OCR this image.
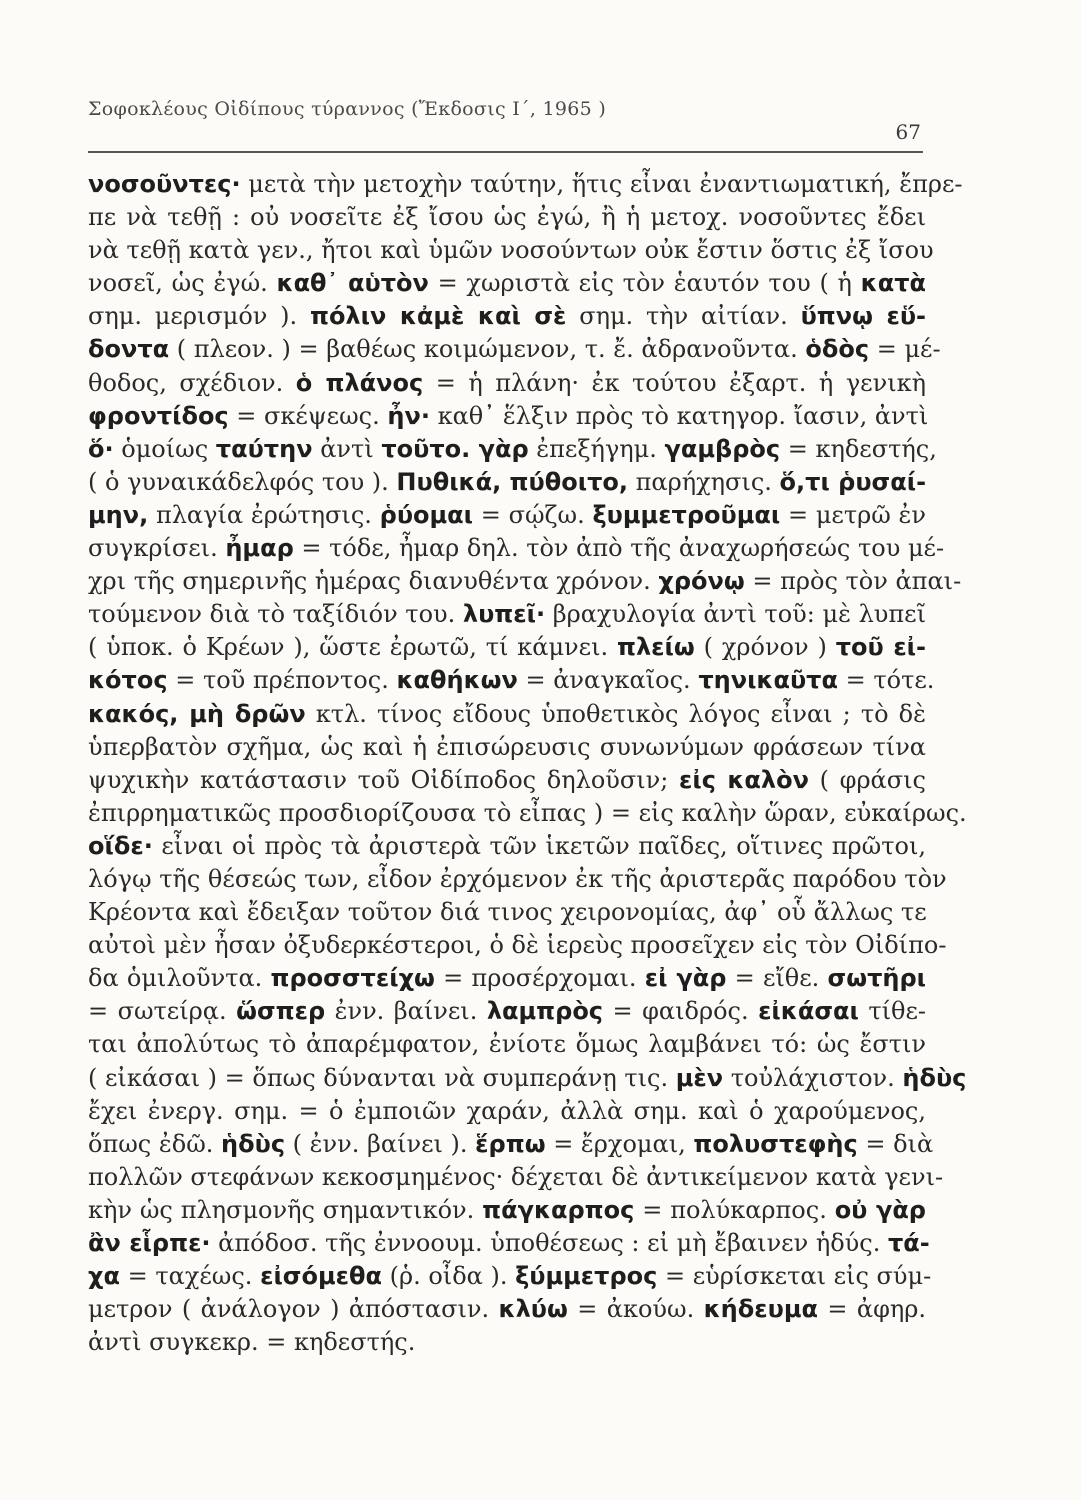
Σοφοκλέους Οἰδίπους τύραννος (Ἔκδοσις Ι΄, 1965 )
67
νοσοῦντες· μετὰ τὴν μετοχὴν ταύτην, ἥτις εἶναι ἐναντιωματική, ἔπρε-
πε νὰ τεθῇ : οὐ νοσεῖτε ἐξ ἴσου ὡς ἐγώ, ἢ ἡ μετοχ. νοσοῦντες ἔδει
νὰ τεθῇ κατὰ γεν., ἤτοι καὶ ὑμῶν νοσούντων οὐκ ἔστιν ὅστις ἐξ ἴσου
νοσεῖ, ὡς ἐγώ. καθ᾽ αὑτὸν = χωριστὰ εἰς τὸν ἑαυτόν του ( ἡ κατὰ
σημ. μερισμόν ). πόλιν κἀμὲ καὶ σὲ σημ. τὴν αἰτίαν. ὕπνῳ εὕ-
δοντα ( πλεον. ) = βαθέως κοιμώμενον, τ. ἔ. ἀδρανοῦντα. ὁδὸς = μέ-
θοδος, σχέδιον. ὁ πλάνος = ἡ πλάνη· ἐκ τούτου ἐξαρτ. ἡ γενικὴ
φροντίδος = σκέψεως. ἦν· καθ᾽ ἕλξιν πρὸς τὸ κατηγορ. ἴασιν, ἀντὶ
ὅ· ὁμοίως ταύτην ἀντὶ τοῦτο. γὰρ ἐπεξήγημ. γαμβρὸς = κηδεστής,
( ὁ γυναικάδελφός του ). Πυθικά, πύθοιτο, παρήχησις. ὅ,τι ῥυσαί-
μην, πλαγία ἐρώτησις. ῥύομαι = σῴζω. ξυμμετροῦμαι = μετρῶ ἐν
συγκρίσει. ἦμαρ = τόδε, ἦμαρ δηλ. τὸν ἀπὸ τῆς ἀναχωρήσεώς του μέ-
χρι τῆς σημερινῆς ἡμέρας διανυθέντα χρόνον. χρόνῳ = πρὸς τὸν ἀπαι-
τούμενον διὰ τὸ ταξίδιόν του. λυπεῖ· βραχυλογία ἀντὶ τοῦ: μὲ λυπεῖ
( ὑποκ. ὁ Κρέων ), ὥστε ἐρωτῶ, τί κάμνει. πλείω ( χρόνον ) τοῦ εἰ-
κότος = τοῦ πρέποντος. καθήκων = ἀναγκαῖος. τηνικαῦτα = τότε.
κακός, μὴ δρῶν κτλ. τίνος εἴδους ὑποθετικὸς λόγος εἶναι ; τὸ δὲ
ὑπερβατὸν σχῆμα, ὡς καὶ ἡ ἐπισώρευσις συνωνύμων φράσεων τίνα
ψυχικὴν κατάστασιν τοῦ Οἰδίποδος δηλοῦσιν; εἰς καλὸν ( φράσις
ἐπιρρηματικῶς προσδιορίζουσα τὸ εἶπας ) = εἰς καλὴν ὥραν, εὐκαίρως.
οἵδε· εἶναι οἱ πρὸς τὰ ἀριστερὰ τῶν ἱκετῶν παῖδες, οἵτινες πρῶτοι,
λόγῳ τῆς θέσεώς των, εἶδον ἐρχόμενον ἐκ τῆς ἀριστερᾶς παρόδου τὸν
Κρέοντα καὶ ἔδειξαν τοῦτον διά τινος χειρονομίας, ἀφ᾽ οὗ ἄλλως τε
αὐτοὶ μὲν ἦσαν ὀξυδερκέστεροι, ὁ δὲ ἱερεὺς προσεῖχεν εἰς τὸν Οἰδίπο-
δα ὁμιλοῦντα. προσστείχω = προσέρχομαι. εἰ γὰρ = εἴθε. σωτῆρι
= σωτείρᾳ. ὥσπερ ἐνν. βαίνει. λαμπρὸς = φαιδρός. εἰκάσαι τίθε-
ται ἀπολύτως τὸ ἀπαρέμφατον, ἐνίοτε ὅμως λαμβάνει τό: ὡς ἔστιν
( εἰκάσαι ) = ὅπως δύνανται νὰ συμπεράνῃ τις. μὲν τοὐλάχιστον. ἡδὺς
ἔχει ἐνεργ. σημ. = ὁ ἐμποιῶν χαράν, ἀλλὰ σημ. καὶ ὁ χαρούμενος,
ὅπως ἐδῶ. ἡδὺς ( ἐνν. βαίνει ). ἕρπω = ἔρχομαι, πολυστεφὴς = διὰ
πολλῶν στεφάνων κεκοσμημένος· δέχεται δὲ ἀντικείμενον κατὰ γενι-
κὴν ὡς πλησμονῆς σημαντικόν. πάγκαρπος = πολύκαρπος. οὐ γὰρ
ἂν εἷρπε· ἀπόδοσ. τῆς ἐννοουμ. ὑποθέσεως : εἰ μὴ ἔβαινεν ἡδύς. τά-
χα = ταχέως. εἰσόμεθα (ῥ. οἶδα ). ξύμμετρος = εὑρίσκεται εἰς σύμ-
μετρον ( ἀνάλογον ) ἀπόστασιν. κλύω = ἀκούω. κήδευμα = ἀφηρ.
ἀντὶ συγκεκρ. = κηδεστής.
